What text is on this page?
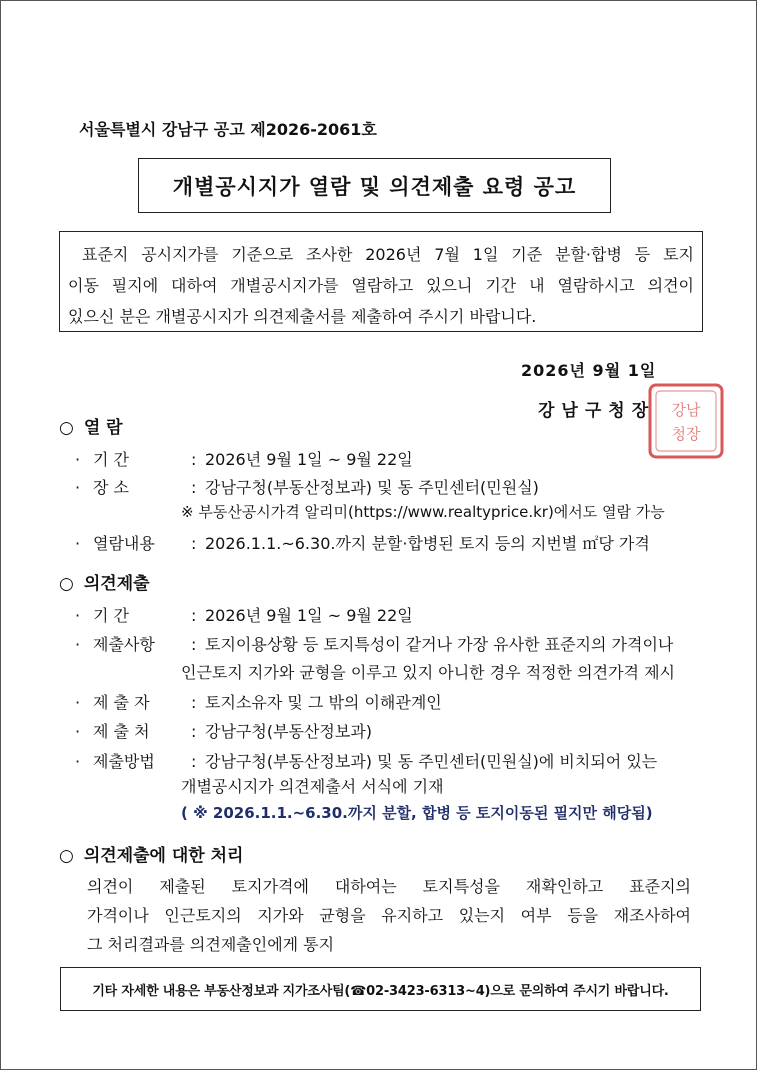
서울특별시 강남구 공고 제2026-2061호
개별공시지가 열람 및 의견제출 요령 공고
표준지 공시지가를 기준으로 조사한 2026년 7월 1일 기준 분할·합병 등 토지
이동 필지에 대하여 개별공시지가를 열람하고 있으니 기간 내 열람하시고 의견이
있으신 분은 개별공시지가 의견제출서를 제출하여 주시기 바랍니다.
2026년 9월 1일
강남
청장
강남구청장
○ 열 람
· 기 간	: 2026년 9월 1일 ~ 9월 22일
· 장 소	: 강남구청(부동산정보과) 및 동 주민센터(민원실)
※ 부동산공시가격 알리미(https://www.realtyprice.kr)에서도 열람 가능
· 열람내용 : 2026.1.1.~6.30.까지 분할·합병된 토지 등의 지번별 ㎡당 가격
○ 의견제출
· 기 간	: 2026년 9월 1일 ~ 9월 22일
· 제출사항 : 토지이용상황 등 토지특성이 같거나 가장 유사한 표준지의 가격이나
인근토지 지가와 균형을 이루고 있지 아니한 경우 적정한 의견가격 제시
· 제 출 자	: 토지소유자 및 그 밖의 이해관계인
· 제 출 처	: 강남구청(부동산정보과)
· 제출방법 : 강남구청(부동산정보과) 및 동 주민센터(민원실)에 비치되어 있는
개별공시지가 의견제출서 서식에 기재
( ※ 2026.1.1.~6.30.까지 분할, 합병 등 토지이동된 필지만 해당됨)
○ 의견제출에 대한 처리
의견이 제출된 토지가격에 대하여는 토지특성을 재확인하고 표준지의
가격이나 인근토지의 지가와 균형을 유지하고 있는지 여부 등을 재조사하여
그 처리결과를 의견제출인에게 통지
기타 자세한 내용은 부동산정보과 지가조사팀(☎02-3423-6313~4)으로 문의하여 주시기 바랍니다.
